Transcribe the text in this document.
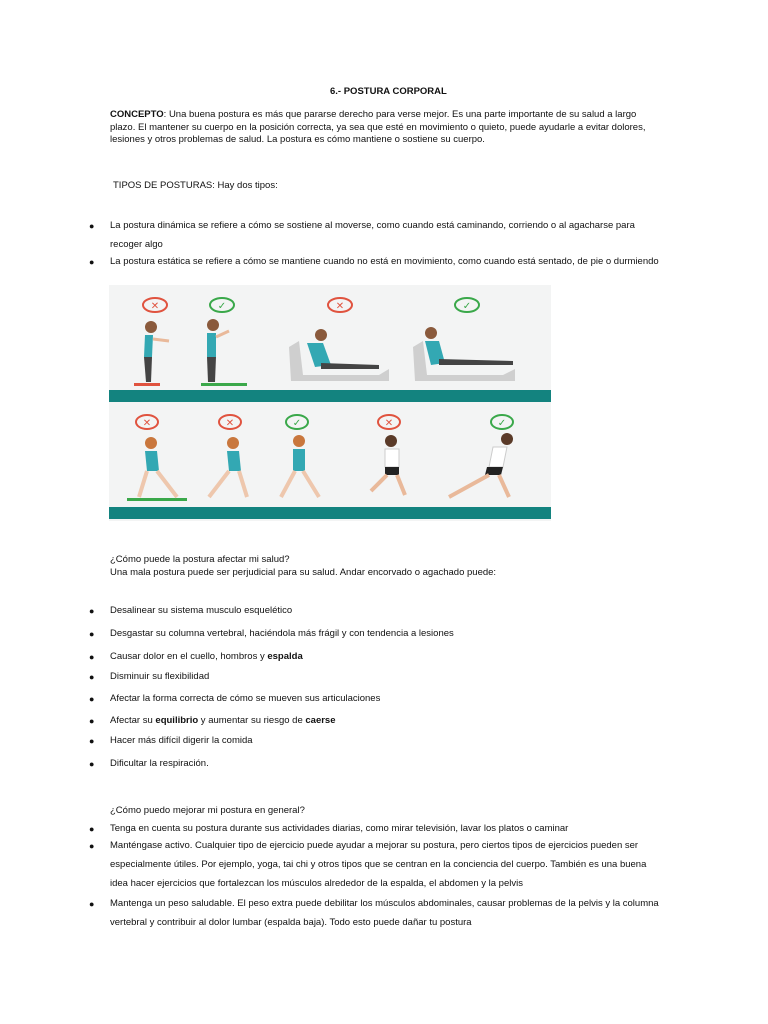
6.- POSTURA CORPORAL
CONCEPTO: Una buena postura es más que pararse derecho para verse mejor. Es una parte importante de su salud a largo plazo. El mantener su cuerpo en la posición correcta, ya sea que esté en movimiento o quieto, puede ayudarle a evitar dolores, lesiones y otros problemas de salud. La postura es cómo mantiene o sostiene su cuerpo.
TIPOS DE POSTURAS: Hay dos tipos:
● La postura dinámica se refiere a cómo se sostiene al moverse, como cuando está caminando, corriendo o al agacharse para recoger algo
● La postura estática se refiere a cómo se mantiene cuando no está en movimiento, como cuando está sentado, de pie o durmiendo
✕	✓	✕	✓
✕	✕	✓	✕	✓
¿Cómo puede la postura afectar mi salud?
Una mala postura puede ser perjudicial para su salud. Andar encorvado o agachado puede:
● Desalinear su sistema musculo esquelético
● Desgastar su columna vertebral, haciéndola más frágil y con tendencia a lesiones
● Causar dolor en el cuello, hombros y espalda
● Disminuir su flexibilidad
● Afectar la forma correcta de cómo se mueven sus articulaciones
● Afectar su equilibrio y aumentar su riesgo de caerse
● Hacer más difícil digerir la comida
● Dificultar la respiración.
¿Cómo puedo mejorar mi postura en general?
● Tenga en cuenta su postura durante sus actividades diarias, como mirar televisión, lavar los platos o caminar
● Manténgase activo. Cualquier tipo de ejercicio puede ayudar a mejorar su postura, pero ciertos tipos de ejercicios pueden ser especialmente útiles. Por ejemplo, yoga, tai chi y otros tipos que se centran en la conciencia del cuerpo. También es una buena idea hacer ejercicios que fortalezcan los músculos alrededor de la espalda, el abdomen y la pelvis
● Mantenga un peso saludable. El peso extra puede debilitar los músculos abdominales, causar problemas de la pelvis y la columna vertebral y contribuir al dolor lumbar (espalda baja). Todo esto puede dañar tu postura
